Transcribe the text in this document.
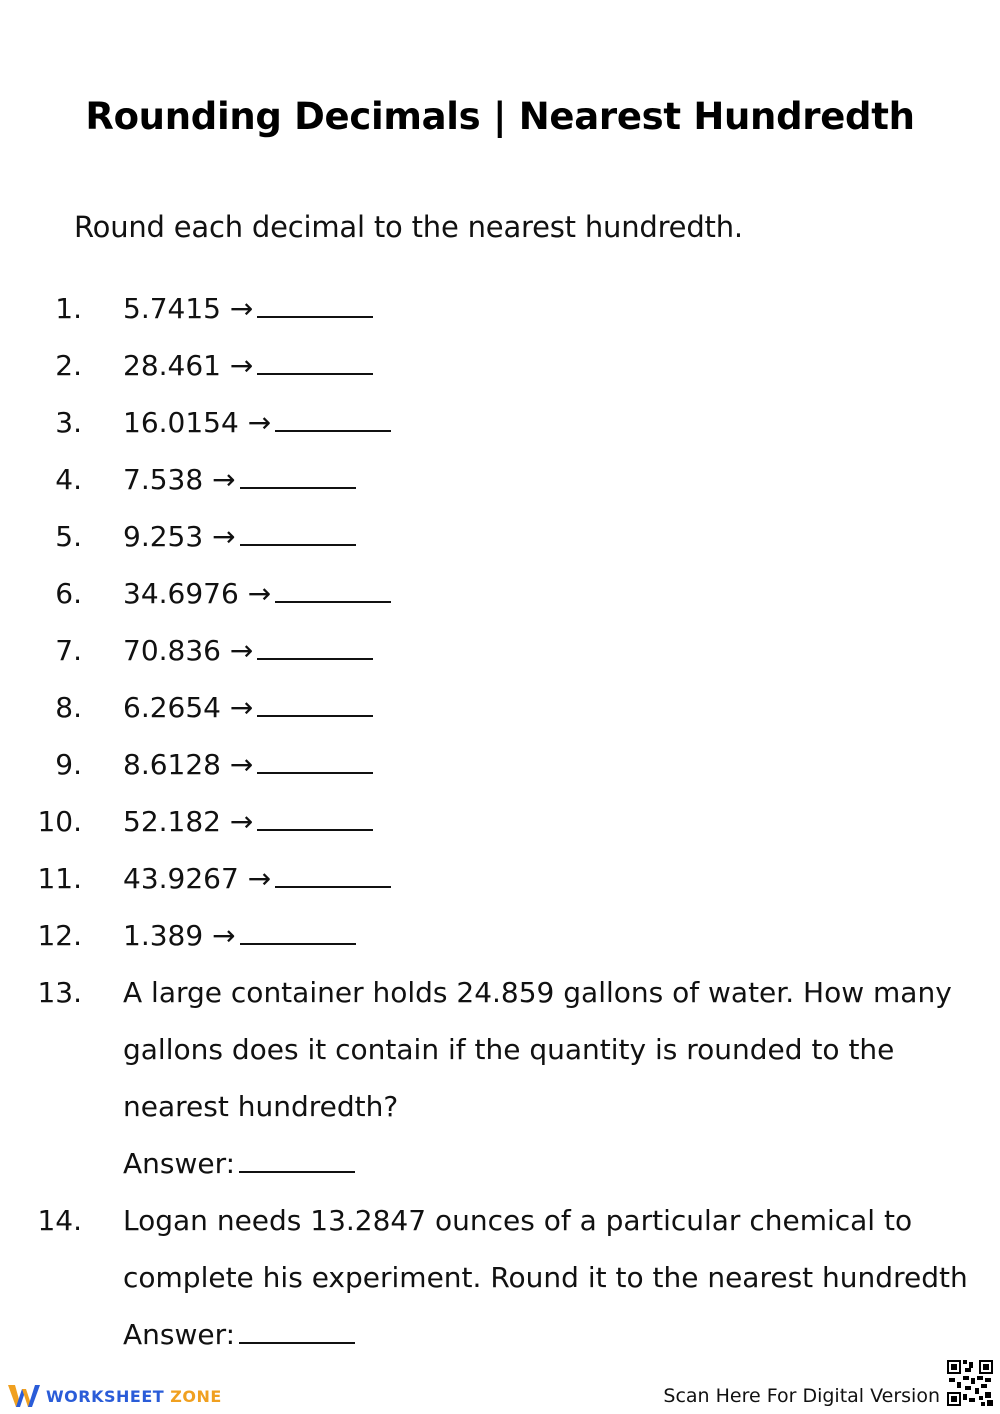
Rounding Decimals | Nearest Hundredth
Round each decimal to the nearest hundredth.
1. 5.7415 →
2. 28.461 →
3. 16.0154 →
4. 7.538 →
5. 9.253 →
6. 34.6976 →
7. 70.836 →
8. 6.2654 →
9. 8.6128 →
10. 52.182 →
11. 43.9267 →
12. 1.389 →
13. A large container holds 24.859 gallons of water. How many
gallons does it contain if the quantity is rounded to the
nearest hundredth?
Answer:
14. Logan needs 13.2847 ounces of a particular chemical to
complete his experiment. Round it to the nearest hundredth
Answer:
WORKSHEET ZONE	Scan Here For Digital Version
